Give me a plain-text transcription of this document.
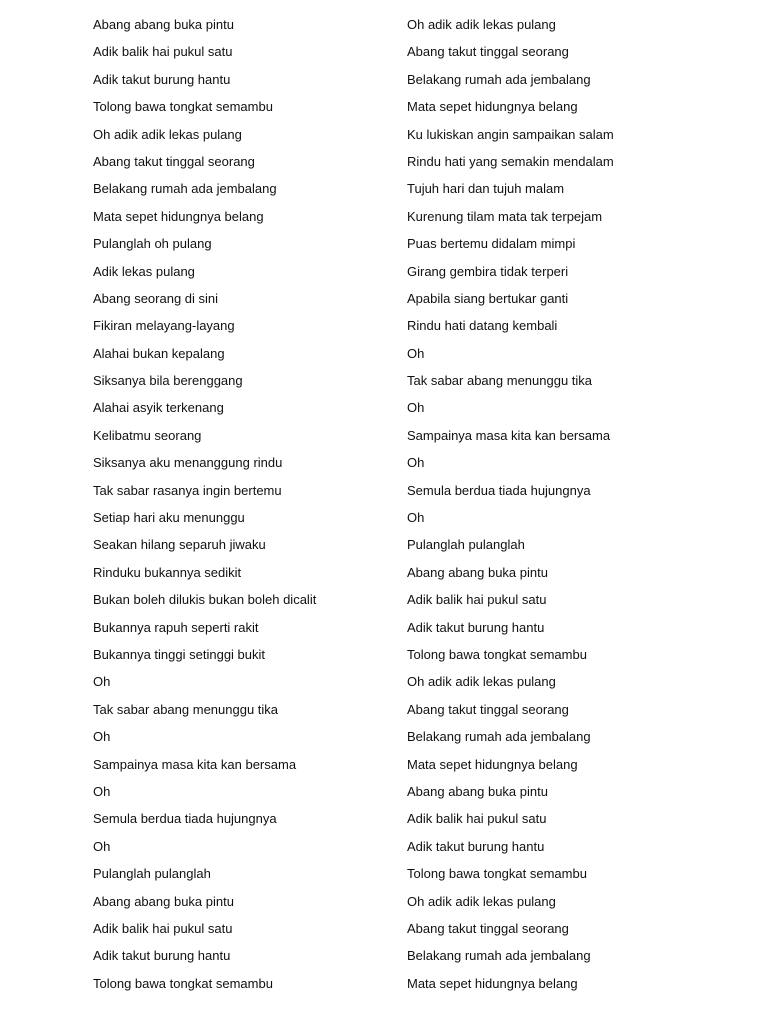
Abang abang buka pintu
Adik balik hai pukul satu
Adik takut burung hantu
Tolong bawa tongkat semambu
Oh adik adik lekas pulang
Abang takut tinggal seorang
Belakang rumah ada jembalang
Mata sepet hidungnya belang
Pulanglah oh pulang
Adik lekas pulang
Abang seorang di sini
Fikiran melayang-layang
Alahai bukan kepalang
Siksanya bila berenggang
Alahai asyik terkenang
Kelibatmu seorang
Siksanya aku menanggung rindu
Tak sabar rasanya ingin bertemu
Setiap hari aku menunggu
Seakan hilang separuh jiwaku
Rinduku bukannya sedikit
Bukan boleh dilukis bukan boleh dicalit
Bukannya rapuh seperti rakit
Bukannya tinggi setinggi bukit
Oh
Tak sabar abang menunggu tika
Oh
Sampainya masa kita kan bersama
Oh
Semula berdua tiada hujungnya
Oh
Pulanglah pulanglah
Abang abang buka pintu
Adik balik hai pukul satu
Adik takut burung hantu
Tolong bawa tongkat semambu
Oh adik adik lekas pulang
Abang takut tinggal seorang
Belakang rumah ada jembalang
Mata sepet hidungnya belang
Ku lukiskan angin sampaikan salam
Rindu hati yang semakin mendalam
Tujuh hari dan tujuh malam
Kurenung tilam mata tak terpejam
Puas bertemu didalam mimpi
Girang gembira tidak terperi
Apabila siang bertukar ganti
Rindu hati datang kembali
Oh
Tak sabar abang menunggu tika
Oh
Sampainya masa kita kan bersama
Oh
Semula berdua tiada hujungnya
Oh
Pulanglah pulanglah
Abang abang buka pintu
Adik balik hai pukul satu
Adik takut burung hantu
Tolong bawa tongkat semambu
Oh adik adik lekas pulang
Abang takut tinggal seorang
Belakang rumah ada jembalang
Mata sepet hidungnya belang
Abang abang buka pintu
Adik balik hai pukul satu
Adik takut burung hantu
Tolong bawa tongkat semambu
Oh adik adik lekas pulang
Abang takut tinggal seorang
Belakang rumah ada jembalang
Mata sepet hidungnya belang
